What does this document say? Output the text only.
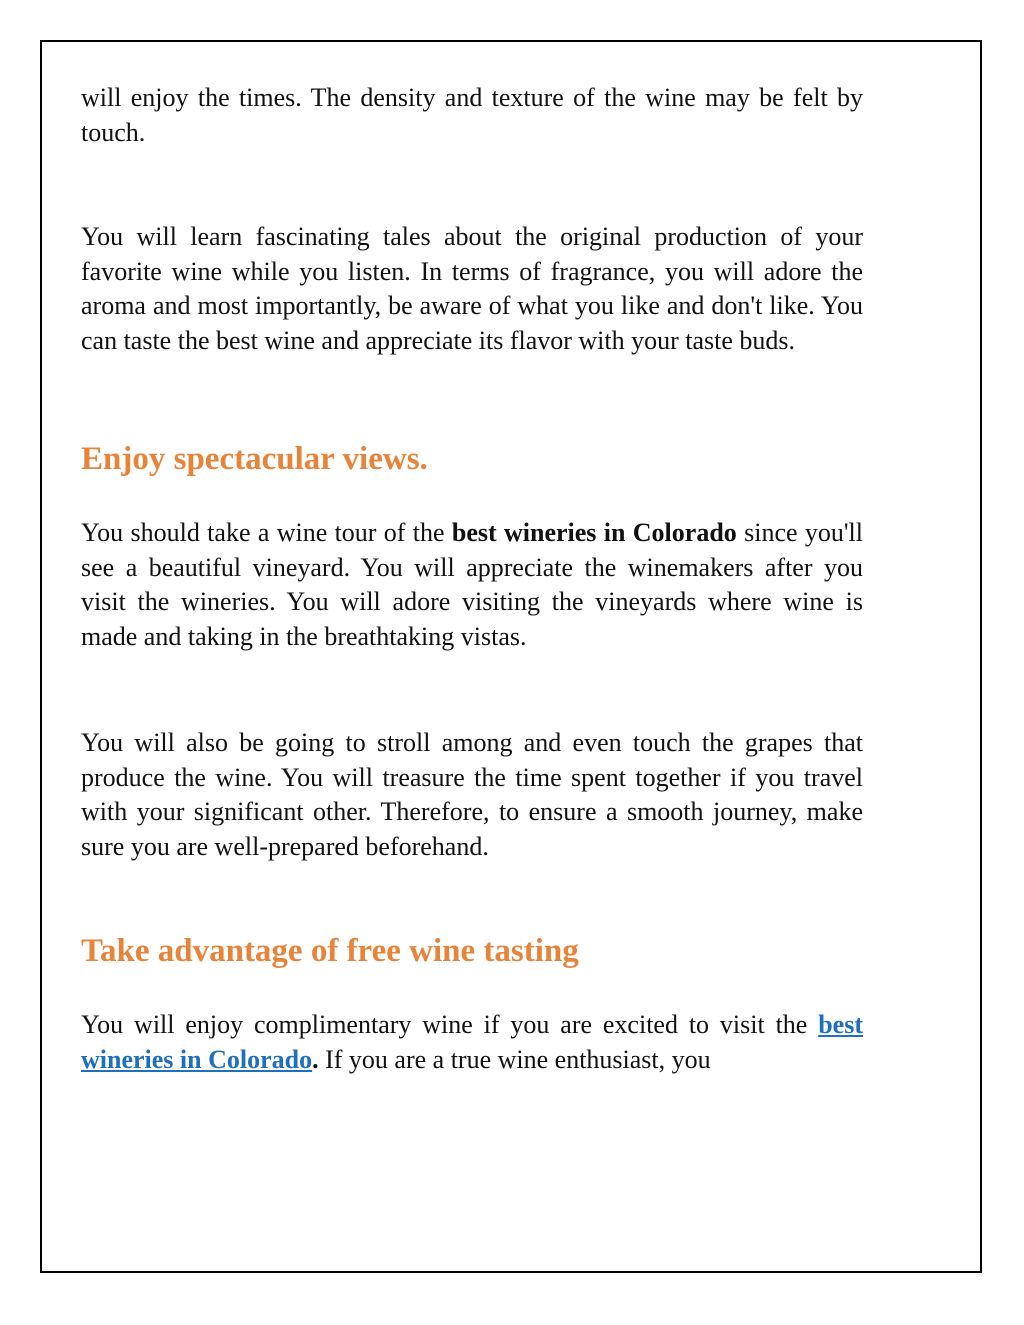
will enjoy the times. The density and texture of the wine may be felt by touch.

You will learn fascinating tales about the original production of your favorite wine while you listen. In terms of fragrance, you will adore the aroma and most importantly, be aware of what you like and don't like. You can taste the best wine and appreciate its flavor with your taste buds.

Enjoy spectacular views.

You should take a wine tour of the best wineries in Colorado since you'll see a beautiful vineyard. You will appreciate the winemakers after you visit the wineries. You will adore visiting the vineyards where wine is made and taking in the breathtaking vistas.

You will also be going to stroll among and even touch the grapes that produce the wine. You will treasure the time spent together if you travel with your significant other. Therefore, to ensure a smooth journey, make sure you are well-prepared beforehand.

Take advantage of free wine tasting

You will enjoy complimentary wine if you are excited to visit the best wineries in Colorado. If you are a true wine enthusiast, you
